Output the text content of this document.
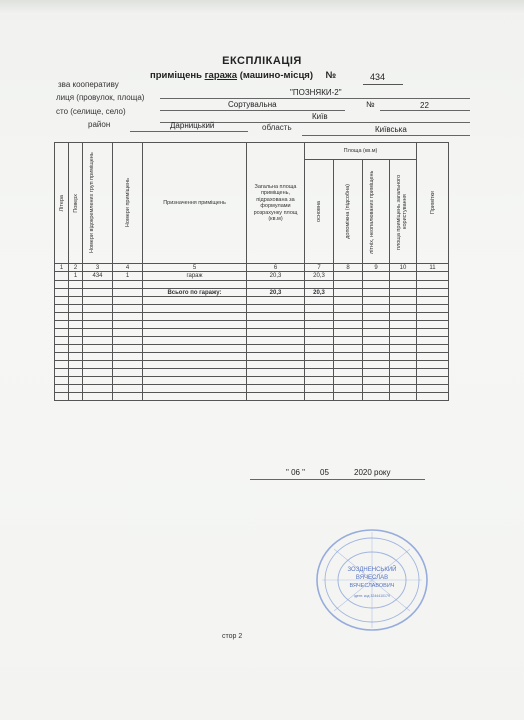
ЕКСПЛІКАЦІЯ
приміщень гаража (машино-місця) №	434
зва кооперативу
"ПОЗНЯКИ-2"
лиця (провулок, площа)
Сортувальна	№	22
сто (селище, село)
Київ
район	Дарницький	область	Київська
Літера	Поверх	Номери відокремлених груп приміщень	Номери приміщень	Призначення приміщень	Загальна площа приміщень, підрахована за формулами розрахунку площ (кв.м)	Площа (кв.м)				Примітки

						основна	допоміжна (підсобна)	літніх, неопалюваних приміщень	площа приміщень загального користування	

1	2	3	4	5	6	7	8	9	10	11
	1	434	1	гараж	20,3	20,3				

				Всього по гаражу:	20,3	20,3				

" 06 " 05	2020 року
ЗОЗДНЕНСЬКИЙ
ВЯЧЕСЛАВ
ВЯЧЕСЛАВОВИЧ
ідент. код 3244410179
стор 2
